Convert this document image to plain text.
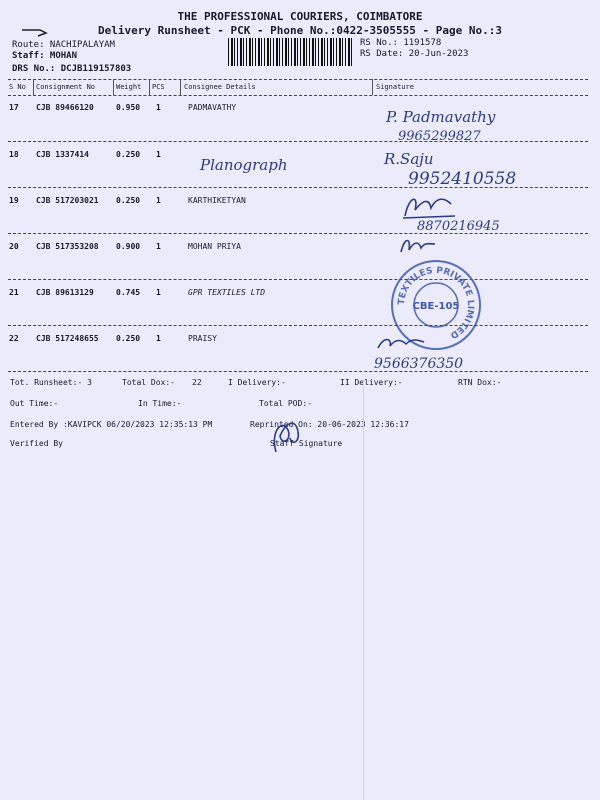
THE PROFESSIONAL COURIERS, COIMBATORE
Delivery Runsheet - PCK - Phone No.:0422-3505555 - Page No.:3
Route: NACHIPALAYAM
Staff: MOHAN
DRS No.: DCJB119157803
RS No.: 1191578
RS Date: 20-Jun-2023
S No Consignment No	Weight PCS	Consignee Details	Signature
17 CJB 89466120	0.950 1	PADMAVATHY
P. Padmavathy
9965299827
18 CJB 1337414	0.250 1
Planograph	R.Saju
9952410558
19 CJB 517203021 0.250 1	KARTHIKETYAN
8870216945
20 CJB 517353208 0.900 1	MOHAN PRIYA
21 CJB 89613129	0.745 1	GPR TEXTILES LTD
TEXTILES PRIVATE LIMITED
CBE-105
22 CJB 517248655 0.250 1	PRAISY
9566376350
Tot. Runsheet:- 3	Total Dox:- 22	I Delivery:-	II Delivery:-	RTN Dox:-
Out Time:-	In Time:-	Total POD:-
Entered By :KAVIPCK 06/20/2023 12:35:13 PM	Reprinted On: 20-06-2023 12:36:17
Verified By	Staff Signature
